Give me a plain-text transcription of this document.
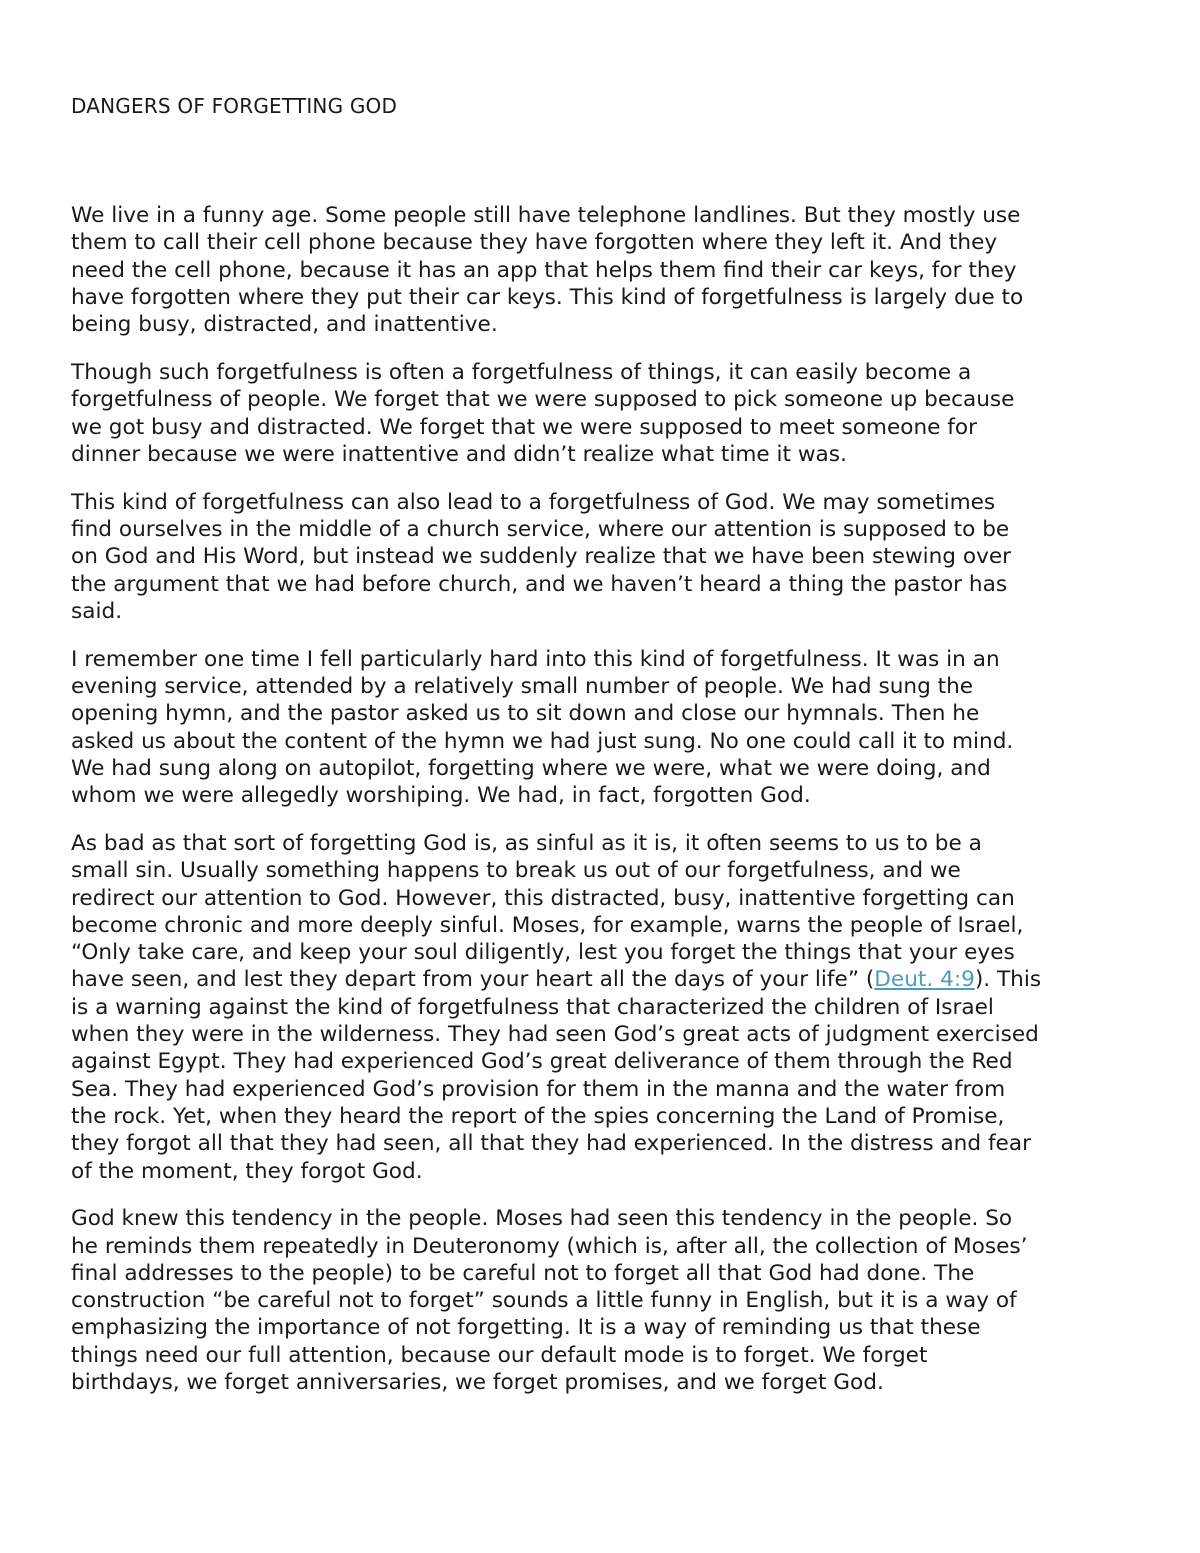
DANGERS OF FORGETTING GOD

We live in a funny age. Some people still have telephone landlines. But they mostly use
them to call their cell phone because they have forgotten where they left it. And they
need the cell phone, because it has an app that helps them find their car keys, for they
have forgotten where they put their car keys. This kind of forgetfulness is largely due to
being busy, distracted, and inattentive.

Though such forgetfulness is often a forgetfulness of things, it can easily become a
forgetfulness of people. We forget that we were supposed to pick someone up because
we got busy and distracted. We forget that we were supposed to meet someone for
dinner because we were inattentive and didn’t realize what time it was.

This kind of forgetfulness can also lead to a forgetfulness of God. We may sometimes
find ourselves in the middle of a church service, where our attention is supposed to be
on God and His Word, but instead we suddenly realize that we have been stewing over
the argument that we had before church, and we haven’t heard a thing the pastor has
said.

I remember one time I fell particularly hard into this kind of forgetfulness. It was in an
evening service, attended by a relatively small number of people. We had sung the
opening hymn, and the pastor asked us to sit down and close our hymnals. Then he
asked us about the content of the hymn we had just sung. No one could call it to mind.
We had sung along on autopilot, forgetting where we were, what we were doing, and
whom we were allegedly worshiping. We had, in fact, forgotten God.

As bad as that sort of forgetting God is, as sinful as it is, it often seems to us to be a
small sin. Usually something happens to break us out of our forgetfulness, and we
redirect our attention to God. However, this distracted, busy, inattentive forgetting can
become chronic and more deeply sinful. Moses, for example, warns the people of Israel,
“Only take care, and keep your soul diligently, lest you forget the things that your eyes
have seen, and lest they depart from your heart all the days of your life” (Deut. 4:9). This
is a warning against the kind of forgetfulness that characterized the children of Israel
when they were in the wilderness. They had seen God’s great acts of judgment exercised
against Egypt. They had experienced God’s great deliverance of them through the Red
Sea. They had experienced God’s provision for them in the manna and the water from
the rock. Yet, when they heard the report of the spies concerning the Land of Promise,
they forgot all that they had seen, all that they had experienced. In the distress and fear
of the moment, they forgot God.

God knew this tendency in the people. Moses had seen this tendency in the people. So
he reminds them repeatedly in Deuteronomy (which is, after all, the collection of Moses’
final addresses to the people) to be careful not to forget all that God had done. The
construction “be careful not to forget” sounds a little funny in English, but it is a way of
emphasizing the importance of not forgetting. It is a way of reminding us that these
things need our full attention, because our default mode is to forget. We forget
birthdays, we forget anniversaries, we forget promises, and we forget God.
